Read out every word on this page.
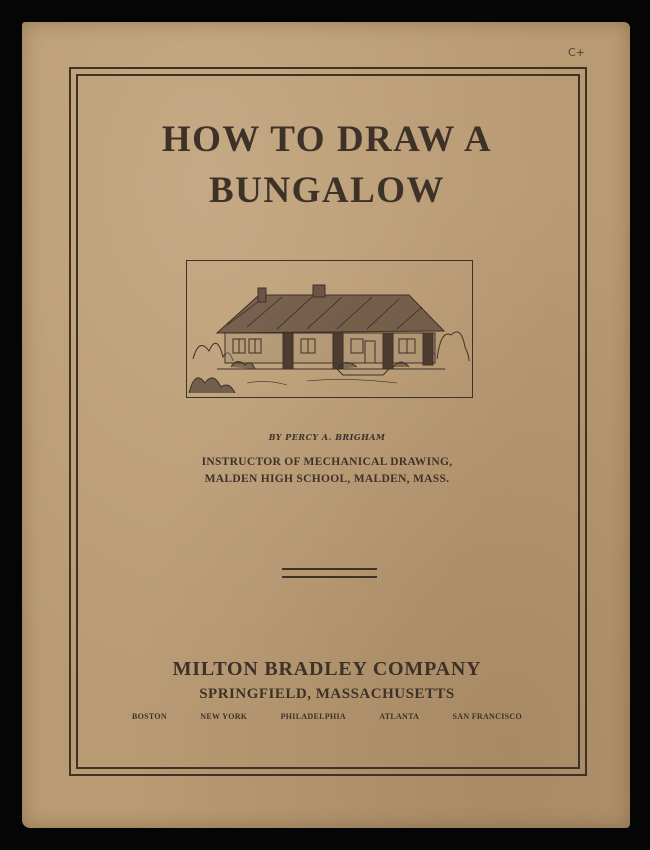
C+
HOW TO DRAW A
BUNGALOW
BY PERCY A. BRIGHAM
INSTRUCTOR OF MECHANICAL DRAWING,
MALDEN HIGH SCHOOL, MALDEN, MASS.
MILTON BRADLEY COMPANY
SPRINGFIELD, MASSACHUSETTS
BOSTON	NEW YORK	PHILADELPHIA	ATLANTA	SAN FRANCISCO
